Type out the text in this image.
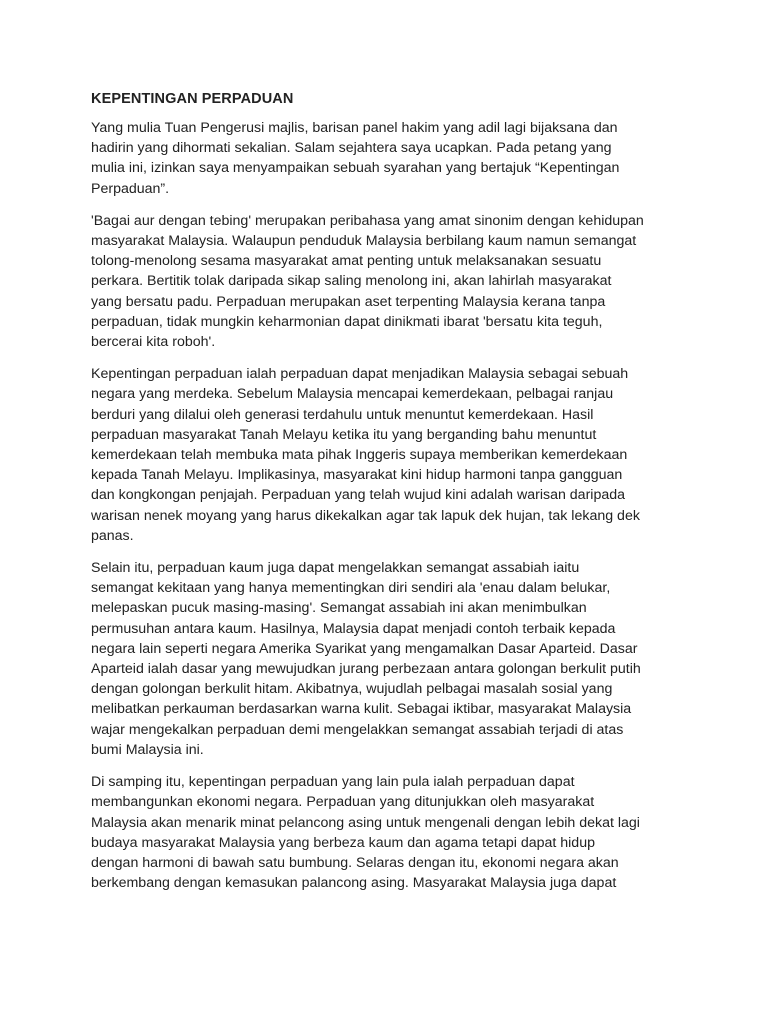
KEPENTINGAN PERPADUAN
Yang mulia Tuan Pengerusi majlis, barisan panel hakim yang adil lagi bijaksana dan
hadirin yang dihormati sekalian. Salam sejahtera saya ucapkan. Pada petang yang
mulia ini, izinkan saya menyampaikan sebuah syarahan yang bertajuk “Kepentingan
Perpaduan”.
'Bagai aur dengan tebing' merupakan peribahasa yang amat sinonim dengan kehidupan
masyarakat Malaysia. Walaupun penduduk Malaysia berbilang kaum namun semangat
tolong-menolong sesama masyarakat amat penting untuk melaksanakan sesuatu
perkara. Bertitik tolak daripada sikap saling menolong ini, akan lahirlah masyarakat
yang bersatu padu. Perpaduan merupakan aset terpenting Malaysia kerana tanpa
perpaduan, tidak mungkin keharmonian dapat dinikmati ibarat 'bersatu kita teguh,
bercerai kita roboh'.
Kepentingan perpaduan ialah perpaduan dapat menjadikan Malaysia sebagai sebuah
negara yang merdeka. Sebelum Malaysia mencapai kemerdekaan, pelbagai ranjau
berduri yang dilalui oleh generasi terdahulu untuk menuntut kemerdekaan. Hasil
perpaduan masyarakat Tanah Melayu ketika itu yang berganding bahu menuntut
kemerdekaan telah membuka mata pihak Inggeris supaya memberikan kemerdekaan
kepada Tanah Melayu. Implikasinya, masyarakat kini hidup harmoni tanpa gangguan
dan kongkongan penjajah. Perpaduan yang telah wujud kini adalah warisan daripada
warisan nenek moyang yang harus dikekalkan agar tak lapuk dek hujan, tak lekang dek
panas.
Selain itu, perpaduan kaum juga dapat mengelakkan semangat assabiah iaitu
semangat kekitaan yang hanya mementingkan diri sendiri ala 'enau dalam belukar,
melepaskan pucuk masing-masing'. Semangat assabiah ini akan menimbulkan
permusuhan antara kaum. Hasilnya, Malaysia dapat menjadi contoh terbaik kepada
negara lain seperti negara Amerika Syarikat yang mengamalkan Dasar Aparteid. Dasar
Aparteid ialah dasar yang mewujudkan jurang perbezaan antara golongan berkulit putih
dengan golongan berkulit hitam. Akibatnya, wujudlah pelbagai masalah sosial yang
melibatkan perkauman berdasarkan warna kulit. Sebagai iktibar, masyarakat Malaysia
wajar mengekalkan perpaduan demi mengelakkan semangat assabiah terjadi di atas
bumi Malaysia ini.
Di samping itu, kepentingan perpaduan yang lain pula ialah perpaduan dapat
membangunkan ekonomi negara. Perpaduan yang ditunjukkan oleh masyarakat
Malaysia akan menarik minat pelancong asing untuk mengenali dengan lebih dekat lagi
budaya masyarakat Malaysia yang berbeza kaum dan agama tetapi dapat hidup
dengan harmoni di bawah satu bumbung. Selaras dengan itu, ekonomi negara akan
berkembang dengan kemasukan palancong asing. Masyarakat Malaysia juga dapat
